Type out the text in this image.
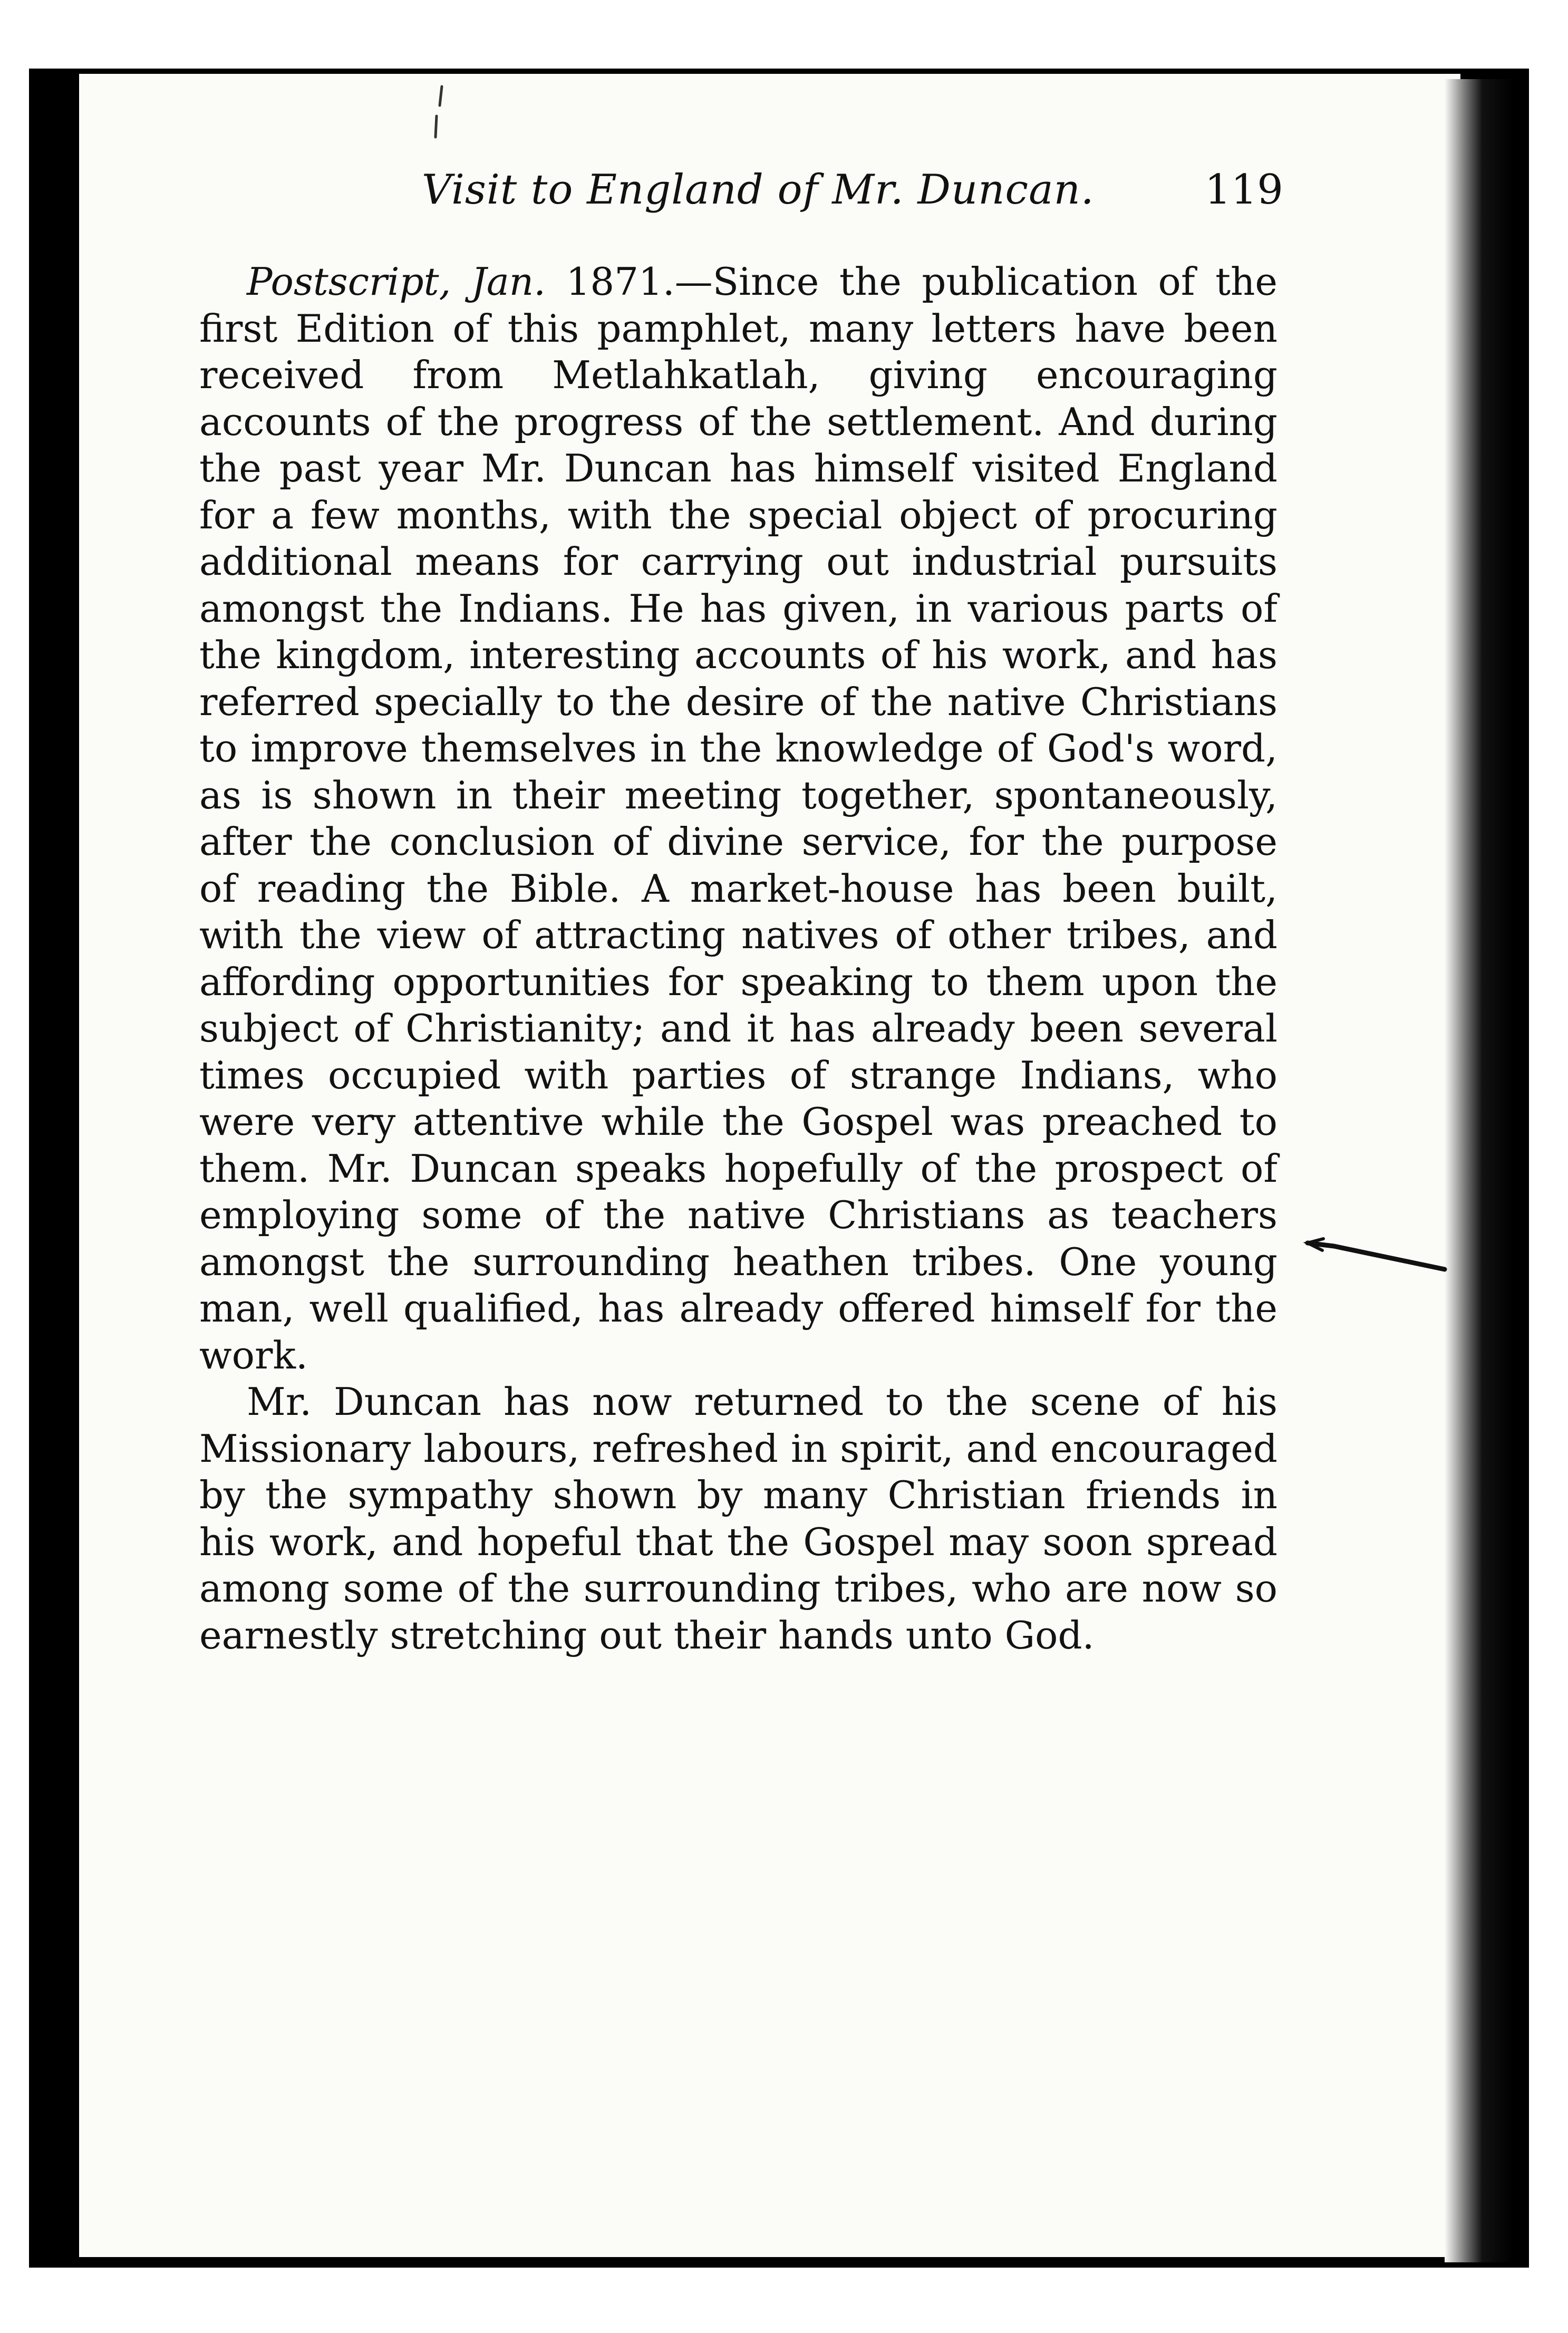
Visit to England of Mr. Duncan.	119

Postscript, Jan. 1871.—Since the publication of the first Edition of this pamphlet, many letters have been received from Metlahkatlah, giving encouraging accounts of the progress of the settlement. And during the past year Mr. Duncan has himself visited England for a few months, with the special object of procuring additional means for carrying out industrial pursuits amongst the Indians. He has given, in various parts of the kingdom, interesting accounts of his work, and has referred specially to the desire of the native Christians to improve themselves in the knowledge of God's word, as is shown in their meeting together, spontaneously, after the conclusion of divine service, for the purpose of reading the Bible. A market-house has been built, with the view of attracting natives of other tribes, and affording opportunities for speaking to them upon the subject of Christianity; and it has already been several times occupied with parties of strange Indians, who were very attentive while the Gospel was preached to them. Mr. Duncan speaks hopefully of the prospect of employing some of the native Christians as teachers amongst the surrounding heathen tribes. One young man, well qualified, has already offered himself for the work.

Mr. Duncan has now returned to the scene of his Missionary labours, refreshed in spirit, and encouraged by the sympathy shown by many Christian friends in his work, and hopeful that the Gospel may soon spread among some of the surrounding tribes, who are now so earnestly stretching out their hands unto God.
